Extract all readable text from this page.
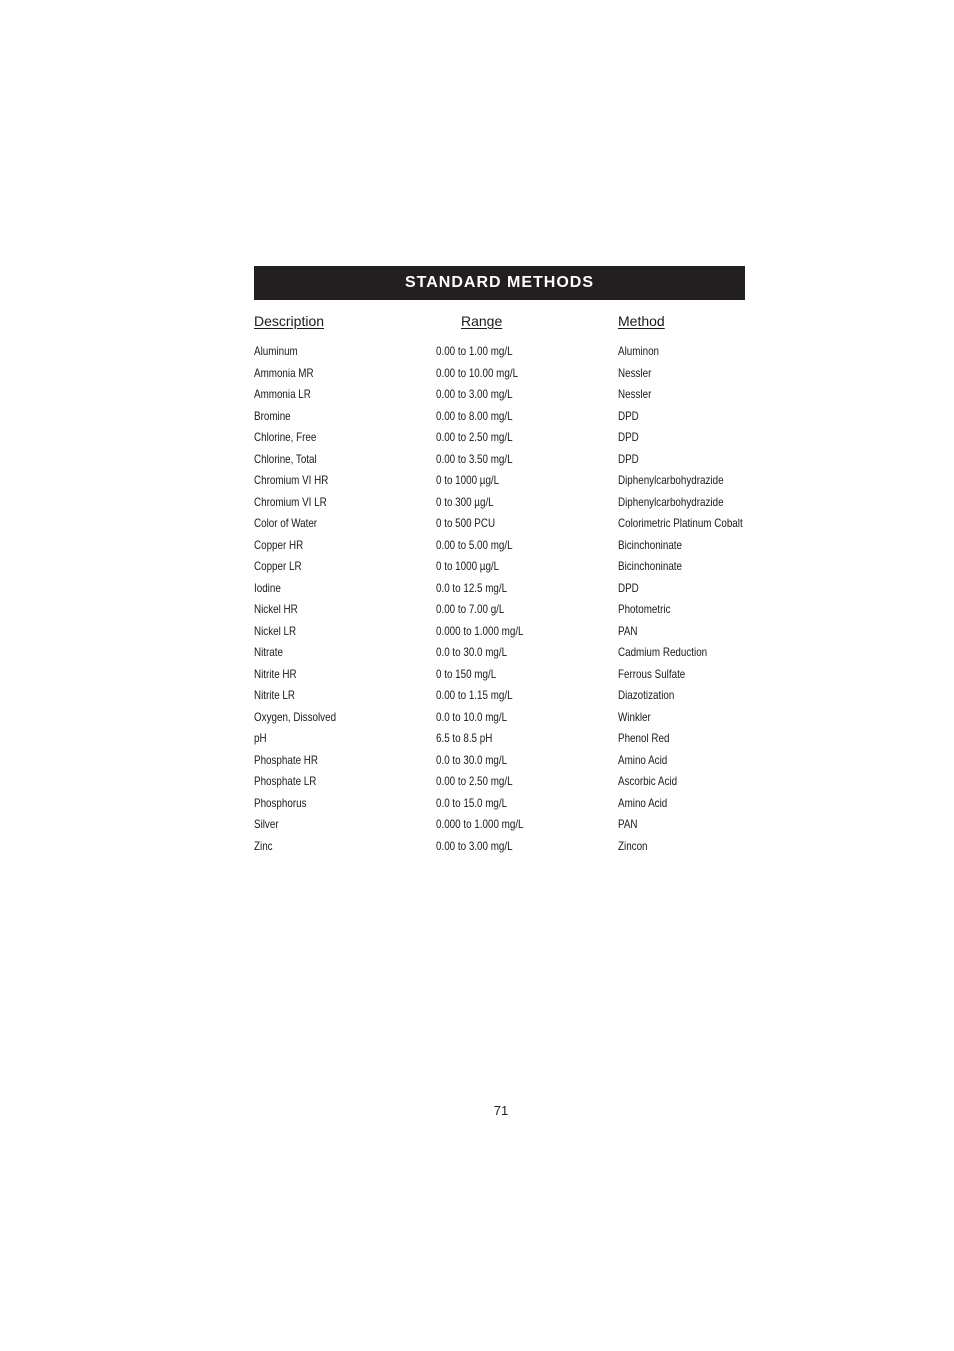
STANDARD METHODS
Description	Range	Method
Aluminum	0.00 to 1.00 mg/L	Aluminon
Ammonia MR	0.00 to 10.00 mg/L	Nessler
Ammonia LR	0.00 to 3.00 mg/L	Nessler
Bromine	0.00 to 8.00 mg/L	DPD
Chlorine, Free	0.00 to 2.50 mg/L	DPD
Chlorine, Total	0.00 to 3.50 mg/L	DPD
Chromium VI HR	0 to 1000 µg/L	Diphenylcarbohydrazide
Chromium VI LR	0 to 300 µg/L	Diphenylcarbohydrazide
Color of Water	0 to 500 PCU	Colorimetric Platinum Cobalt
Copper HR	0.00 to 5.00 mg/L	Bicinchoninate
Copper LR	0 to 1000 µg/L	Bicinchoninate
Iodine	0.0 to 12.5 mg/L	DPD
Nickel HR	0.00 to 7.00 g/L	Photometric
Nickel LR	0.000 to 1.000 mg/L	PAN
Nitrate	0.0 to 30.0 mg/L	Cadmium Reduction
Nitrite HR	0 to 150 mg/L	Ferrous Sulfate
Nitrite LR	0.00 to 1.15 mg/L	Diazotization
Oxygen, Dissolved	0.0 to 10.0 mg/L	Winkler
pH	6.5 to 8.5 pH	Phenol Red
Phosphate HR	0.0 to 30.0 mg/L	Amino Acid
Phosphate LR	0.00 to 2.50 mg/L	Ascorbic Acid
Phosphorus	0.0 to 15.0 mg/L	Amino Acid
Silver	0.000 to 1.000 mg/L	PAN
Zinc	0.00 to 3.00 mg/L	Zincon
71
